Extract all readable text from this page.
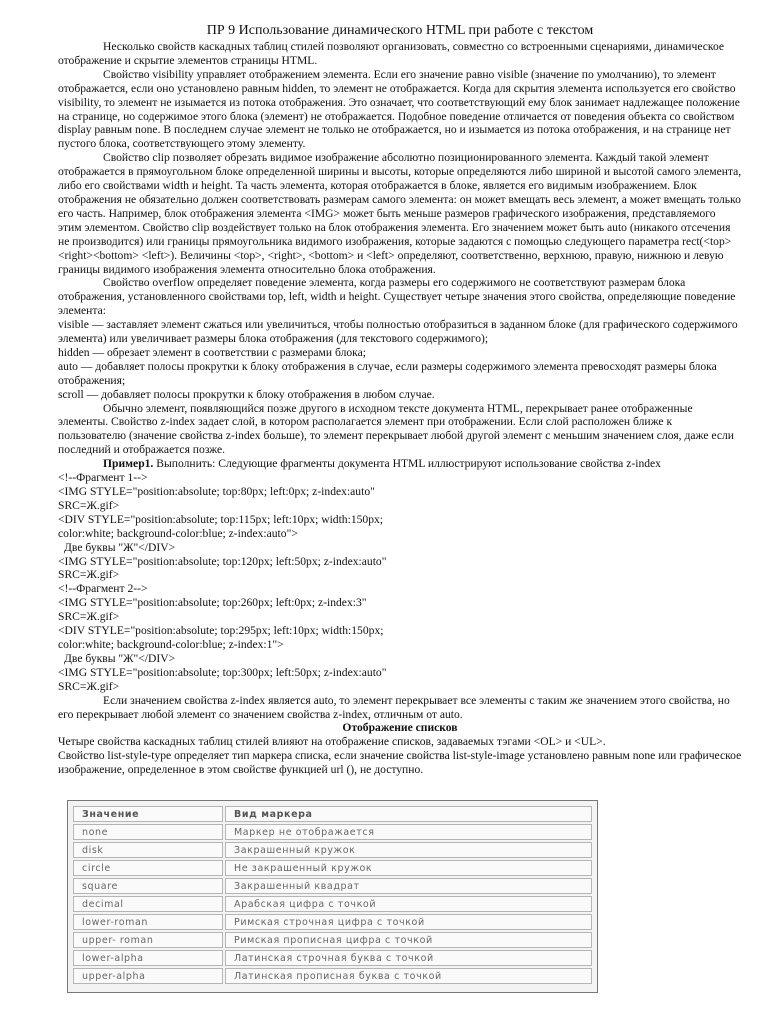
ПР 9 Использование динамического HTML при работе с текстом

Несколько свойств каскадных таблиц стилей позволяют организовать, совместно со встроенными сценариями, динамическое отображение и скрытие элементов страницы HTML.

Свойство visibility управляет отображением элемента. Если его значение равно visible (значение по умолчанию), то элемент отображается, если оно установлено равным hidden, то элемент не отображается. Когда для скрытия элемента используется его свойство visibility, то элемент не изымается из потока отображения. Это означает, что соответствующий ему блок занимает надлежащее положение на странице, но содержимое этого блока (элемент) не отображается. Подобное поведение отличается от поведения объекта со свойством display равным none. В последнем случае элемент не только не отображается, но и изымается из потока отображения, и на странице нет пустого блока, соответствующего этому элементу.

Свойство clip позволяет обрезать видимое изображение абсолютно позиционированного элемента. Каждый такой элемент отображается в прямоугольном блоке определенной ширины и высоты, которые определяются либо шириной и высотой самого элемента, либо его свойствами width и height. Та часть элемента, которая отображается в блоке, является его видимым изображением. Блок отображения не обязательно должен соответствовать размерам самого элемента: он может вмещать весь элемент, а может вмещать только его часть. Например, блок отображения элемента <IMG> может быть меньше размеров графического изображения, представляемого этим элементом. Свойство clip воздействует только на блок отображения элемента. Его значением может быть auto (никакого отсечения не производится) или границы прямоугольника видимого изображения, которые задаются с помощью следующего параметра rect(<top> <right><bottom> <left>). Величины <top>, <right>, <bottom> и <left> определяют, соответственно, верхнюю, правую, нижнюю и левую границы видимого изображения элемента относительно блока отображения.

Свойство overflow определяет поведение элемента, когда размеры его содержимого не соответствуют размерам блока отображения, установленного свойствами top, left, width и height. Существует четыре значения этого свойства, определяющие поведение элемента:

visible — заставляет элемент сжаться или увеличиться, чтобы полностью отобразиться в заданном блоке (для графического содержимого элемента) или увеличивает размеры блока отображения (для текстового содержимого);

hidden — обрезает элемент в соответствии с размерами блока;

auto — добавляет полосы прокрутки к блоку отображения в случае, если размеры содержимого элемента превосходят размеры блока отображения;

scroll — добавляет полосы прокрутки к блоку отображения в любом случае.

Обычно элемент, появляющийся позже другого в исходном тексте документа HTML, перекрывает ранее отображенные элементы. Свойство z-index задает слой, в котором располагается элемент при отображении. Если слой расположен ближе к пользователю (значение свойства z-index больше), то элемент перекрывает любой другой элемент с меньшим значением слоя, даже если последний и отображается позже.

Пример1. Выполнить: Следующие фрагменты документа HTML иллюстрируют использование свойства z-index

<!--Фрагмент 1-->

<IMG STYLE="position:absolute; top:80px; left:0px; z-index:auto"

SRC=Ж.gif>

<DIV STYLE="position:absolute; top:115px; left:10px; width:150px;

color:white; background-color:blue; z-index:auto">

Две буквы "Ж"</DIV>

<IMG STYLE="position:absolute; top:120px; left:50px; z-index:auto"

SRC=Ж.gif>

<!--Фрагмент 2-->

<IMG STYLE="position:absolute; top:260px; left:0px; z-index:3"

SRC=Ж.gif>

<DIV STYLE="position:absolute; top:295px; left:10px; width:150px;

color:white; background-color:blue; z-index:1">

Две буквы "Ж"</DIV>

<IMG STYLE="position:absolute; top:300px; left:50px; z-index:auto"

SRC=Ж.gif>

Если значением свойства z-index является auto, то элемент перекрывает все элементы с таким же значением этого свойства, но его перекрывает любой элемент со значением свойства z-index, отличным от auto.

Отображение списков

Четыре свойства каскадных таблиц стилей влияют на отображение списков, задаваемых тэгами <OL> и <UL>.

Свойство list-style-type определяет тип маркера списка, если значение свойства list-style-image установлено равным none или графическое изображение, определенное в этом свойстве функцией url (), не доступно.

Значение	Вид маркера
none	Маркер не отображается
disk	Закрашенный кружок
circle	Не закрашенный кружок
square	Закрашенный квадрат
decimal	Арабская цифра с точкой
lower-roman	Римская строчная цифра с точкой
upper- roman	Римская прописная цифра с точкой
lower-alpha	Латинская строчная буква с точкой
upper-alpha	Латинская прописная буква с точкой
